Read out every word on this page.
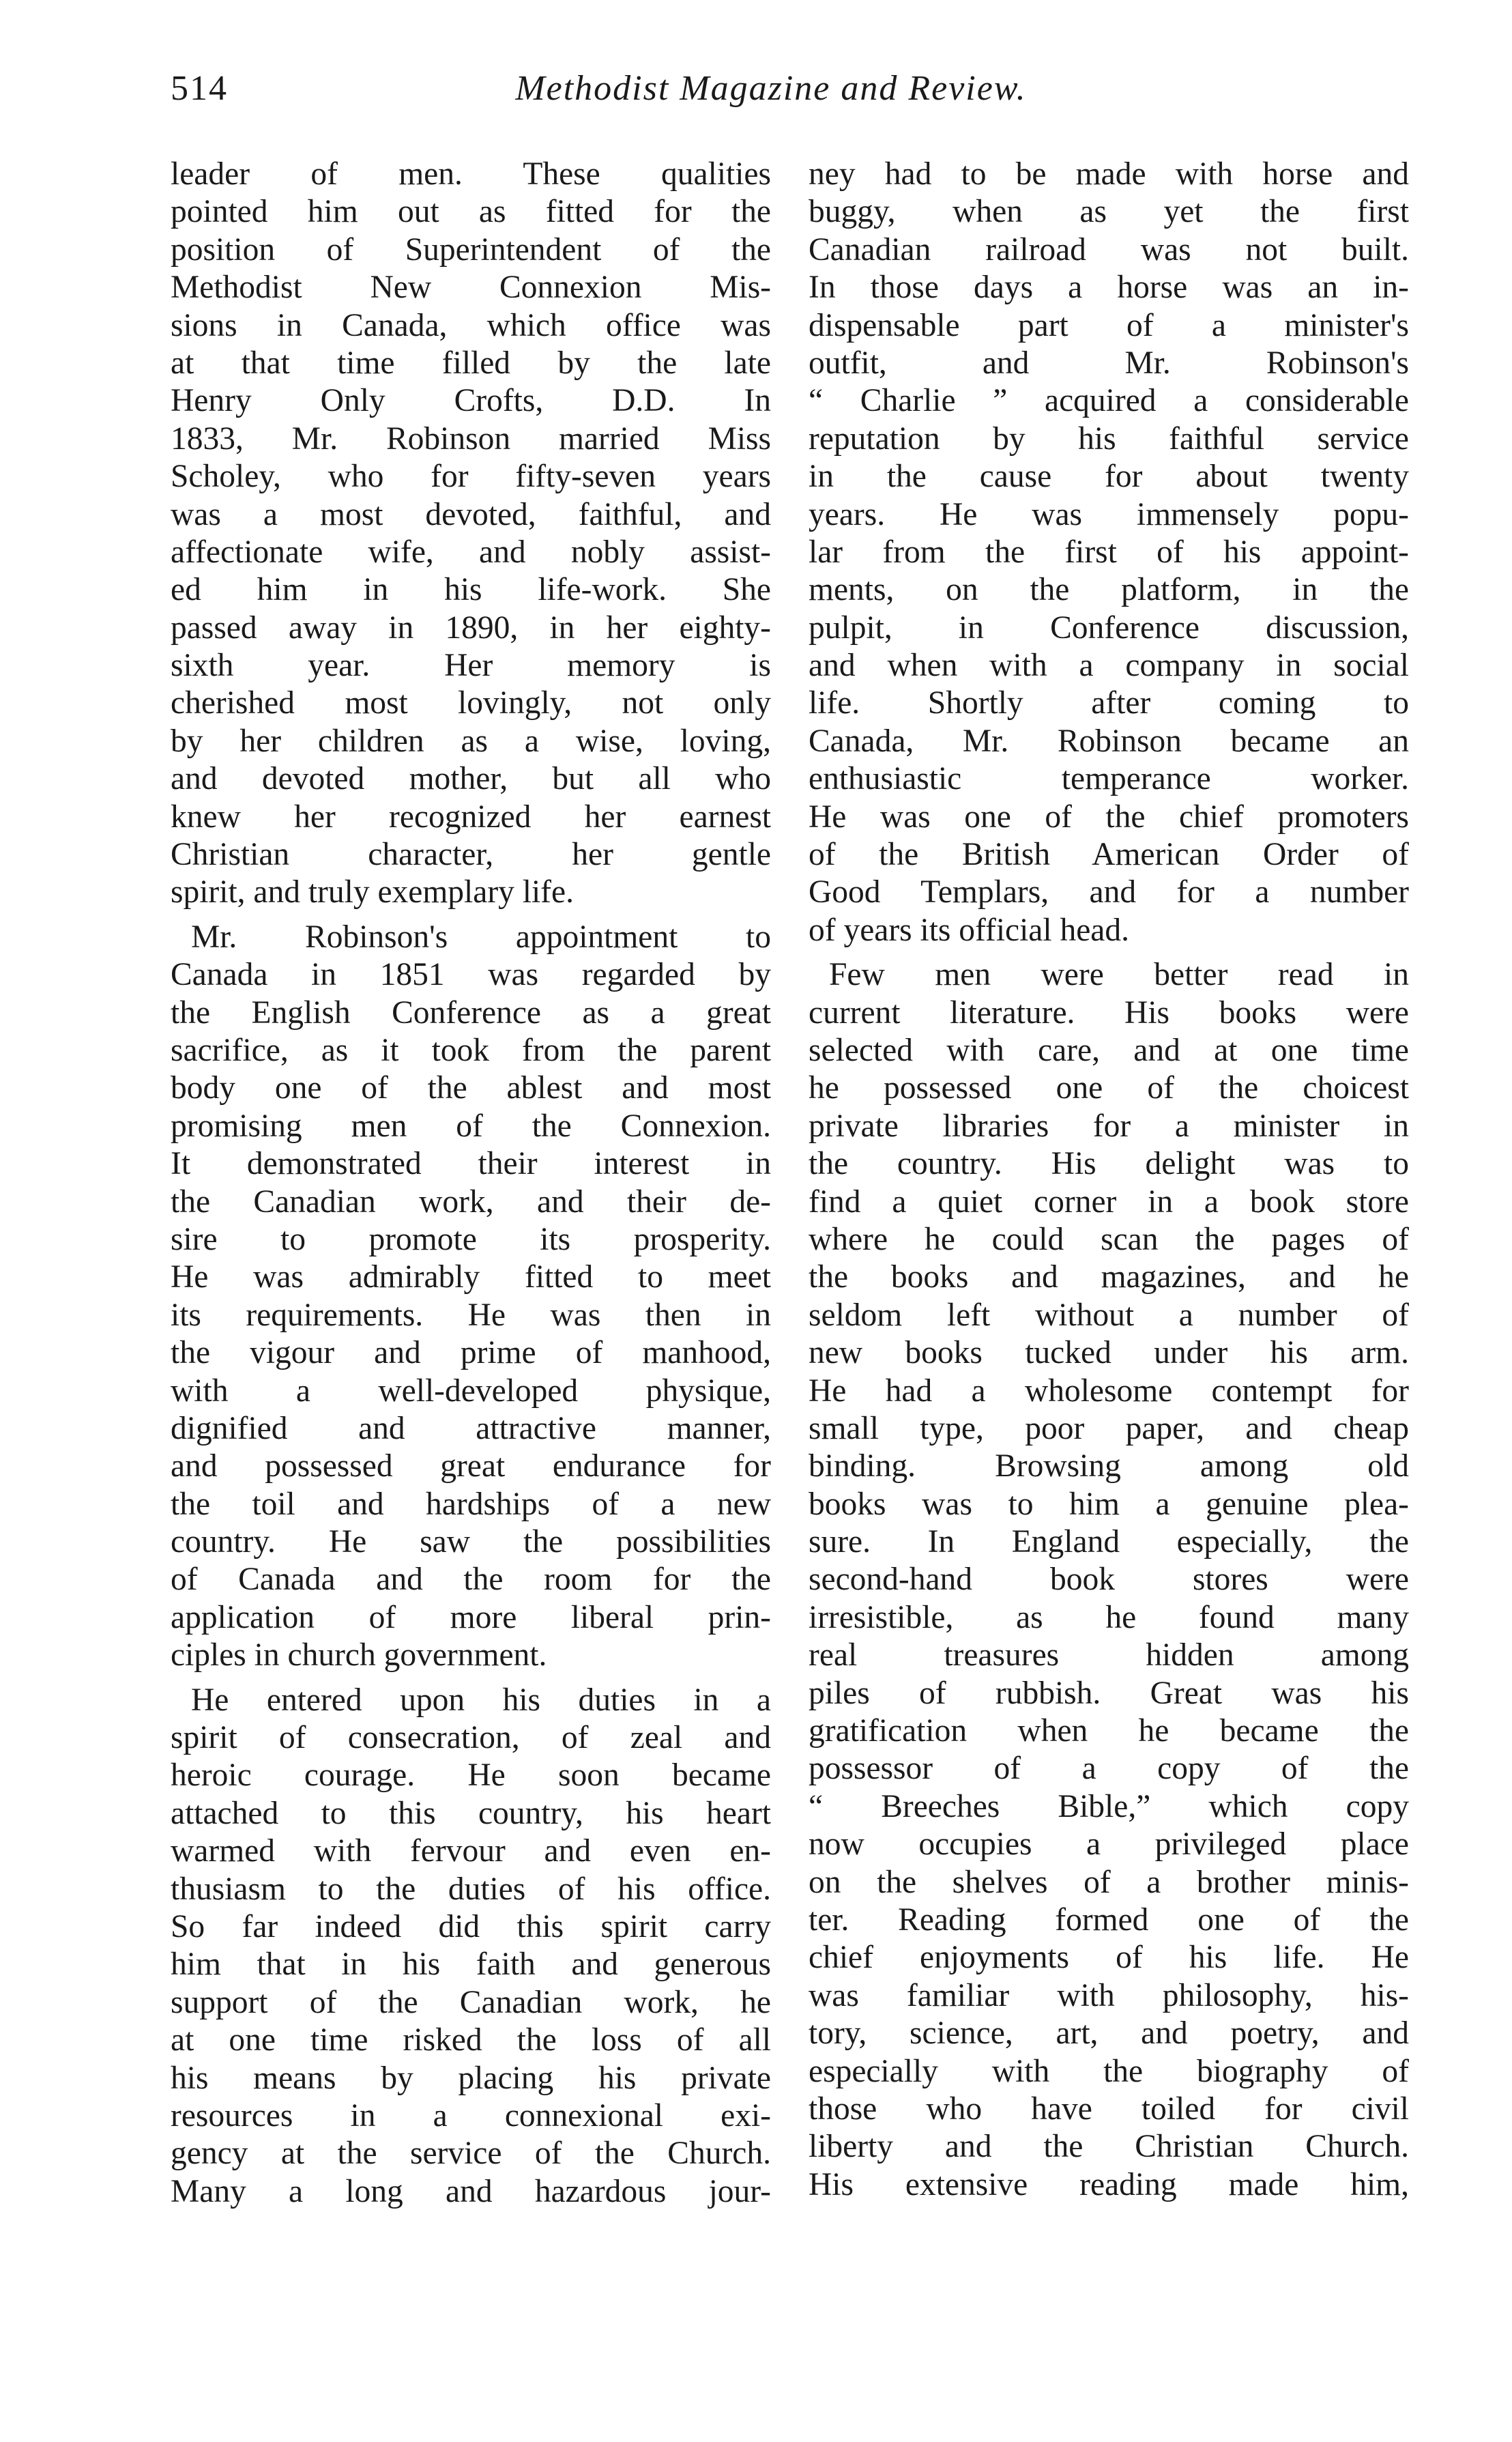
514	Methodist Magazine and Review.
leader of men. These qualities
pointed him out as fitted for the
position of Superintendent of the
Methodist New Connexion Mis-
sions in Canada, which office was
at that time filled by the late
Henry Only Crofts, D.D. In
1833, Mr. Robinson married Miss
Scholey, who for fifty-seven years
was a most devoted, faithful, and
affectionate wife, and nobly assist-
ed him in his life-work. She
passed away in 1890, in her eighty-
sixth year. Her memory is
cherished most lovingly, not only
by her children as a wise, loving,
and devoted mother, but all who
knew her recognized her earnest
Christian character, her gentle
spirit, and truly exemplary life.
Mr. Robinson's appointment to
Canada in 1851 was regarded by
the English Conference as a great
sacrifice, as it took from the parent
body one of the ablest and most
promising men of the Connexion.
It demonstrated their interest in
the Canadian work, and their de-
sire to promote its prosperity.
He was admirably fitted to meet
its requirements. He was then in
the vigour and prime of manhood,
with a well-developed physique,
dignified and attractive manner,
and possessed great endurance for
the toil and hardships of a new
country. He saw the possibilities
of Canada and the room for the
application of more liberal prin-
ciples in church government.
He entered upon his duties in a
spirit of consecration, of zeal and
heroic courage. He soon became
attached to this country, his heart
warmed with fervour and even en-
thusiasm to the duties of his office.
So far indeed did this spirit carry
him that in his faith and generous
support of the Canadian work, he
at one time risked the loss of all
his means by placing his private
resources in a connexional exi-
gency at the service of the Church.
Many a long and hazardous jour-
ney had to be made with horse and
buggy, when as yet the first
Canadian railroad was not built.
In those days a horse was an in-
dispensable part of a minister's
outfit, and Mr. Robinson's
“ Charlie ” acquired a considerable
reputation by his faithful service
in the cause for about twenty
years. He was immensely popu-
lar from the first of his appoint-
ments, on the platform, in the
pulpit, in Conference discussion,
and when with a company in social
life. Shortly after coming to
Canada, Mr. Robinson became an
enthusiastic temperance worker.
He was one of the chief promoters
of the British American Order of
Good Templars, and for a number
of years its official head.
Few men were better read in
current literature. His books were
selected with care, and at one time
he possessed one of the choicest
private libraries for a minister in
the country. His delight was to
find a quiet corner in a book store
where he could scan the pages of
the books and magazines, and he
seldom left without a number of
new books tucked under his arm.
He had a wholesome contempt for
small type, poor paper, and cheap
binding. Browsing among old
books was to him a genuine plea-
sure. In England especially, the
second-hand book stores were
irresistible, as he found many
real treasures hidden among
piles of rubbish. Great was his
gratification when he became the
possessor of a copy of the
“ Breeches Bible,” which copy
now occupies a privileged place
on the shelves of a brother minis-
ter. Reading formed one of the
chief enjoyments of his life. He
was familiar with philosophy, his-
tory, science, art, and poetry, and
especially with the biography of
those who have toiled for civil
liberty and the Christian Church.
His extensive reading made him,
